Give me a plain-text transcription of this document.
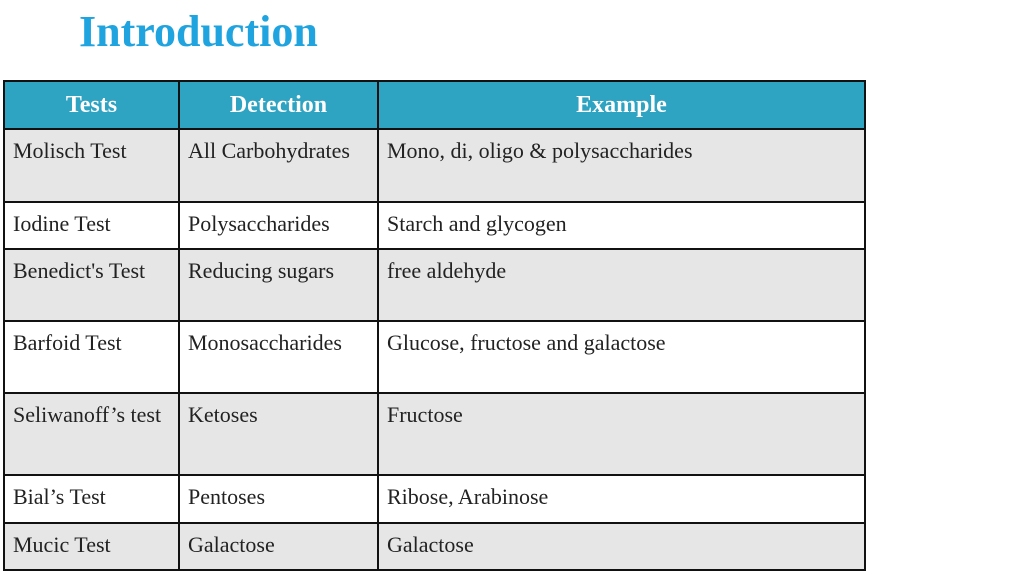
Introduction
Tests	Detection	Example
Molisch Test	All Carbohydrates	Mono, di, oligo & polysaccharides
Iodine Test	Polysaccharides	Starch and glycogen
Benedict's Test	Reducing sugars	free aldehyde
Barfoid Test	Monosaccharides	Glucose, fructose and galactose
Seliwanoff’s test	Ketoses	Fructose
Bial’s Test	Pentoses	Ribose, Arabinose
Mucic Test	Galactose	Galactose
